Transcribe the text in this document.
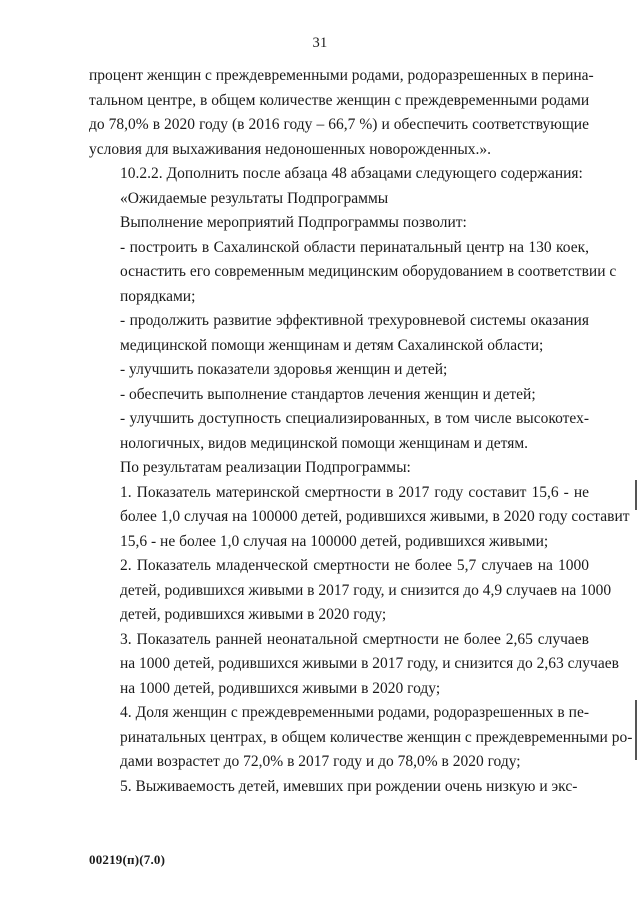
31

процент женщин с преждевременными родами, родоразрешенных в перина-
тальном центре, в общем количестве женщин с преждевременными родами
до 78,0% в 2020 году (в 2016 году – 66,7 %) и обеспечить соответствующие
условия для выхаживания недоношенных новорожденных.».

10.2.2. Дополнить после абзаца 48 абзацами следующего содержания:

«Ожидаемые результаты Подпрограммы

Выполнение мероприятий Подпрограммы позволит:

- построить в Сахалинской области перинатальный центр на 130 коек,
оснастить его современным медицинским оборудованием в соответствии с
порядками;

- продолжить развитие эффективной трехуровневой системы оказания
медицинской помощи женщинам и детям Сахалинской области;

- улучшить показатели здоровья женщин и детей;

- обеспечить выполнение стандартов лечения женщин и детей;

- улучшить доступность специализированных, в том числе высокотех-
нологичных, видов медицинской помощи женщинам и детям.

По результатам реализации Подпрограммы:

1. Показатель материнской смертности в 2017 году составит 15,6 - не
более 1,0 случая на 100000 детей, родившихся живыми, в 2020 году составит
15,6 - не более 1,0 случая на 100000 детей, родившихся живыми;

2. Показатель младенческой смертности не более 5,7 случаев на 1000
детей, родившихся живыми в 2017 году, и снизится до 4,9 случаев на 1000
детей, родившихся живыми в 2020 году;

3. Показатель ранней неонатальной смертности не более 2,65 случаев
на 1000 детей, родившихся живыми в 2017 году, и снизится до 2,63 случаев
на 1000 детей, родившихся живыми в 2020 году;

4. Доля женщин с преждевременными родами, родоразрешенных в пе-
ринатальных центрах, в общем количестве женщин с преждевременными ро-
дами возрастет до 72,0% в 2017 году и до 78,0% в 2020 году;

5. Выживаемость детей, имевших при рождении очень низкую и экс-

00219(п)(7.0)
